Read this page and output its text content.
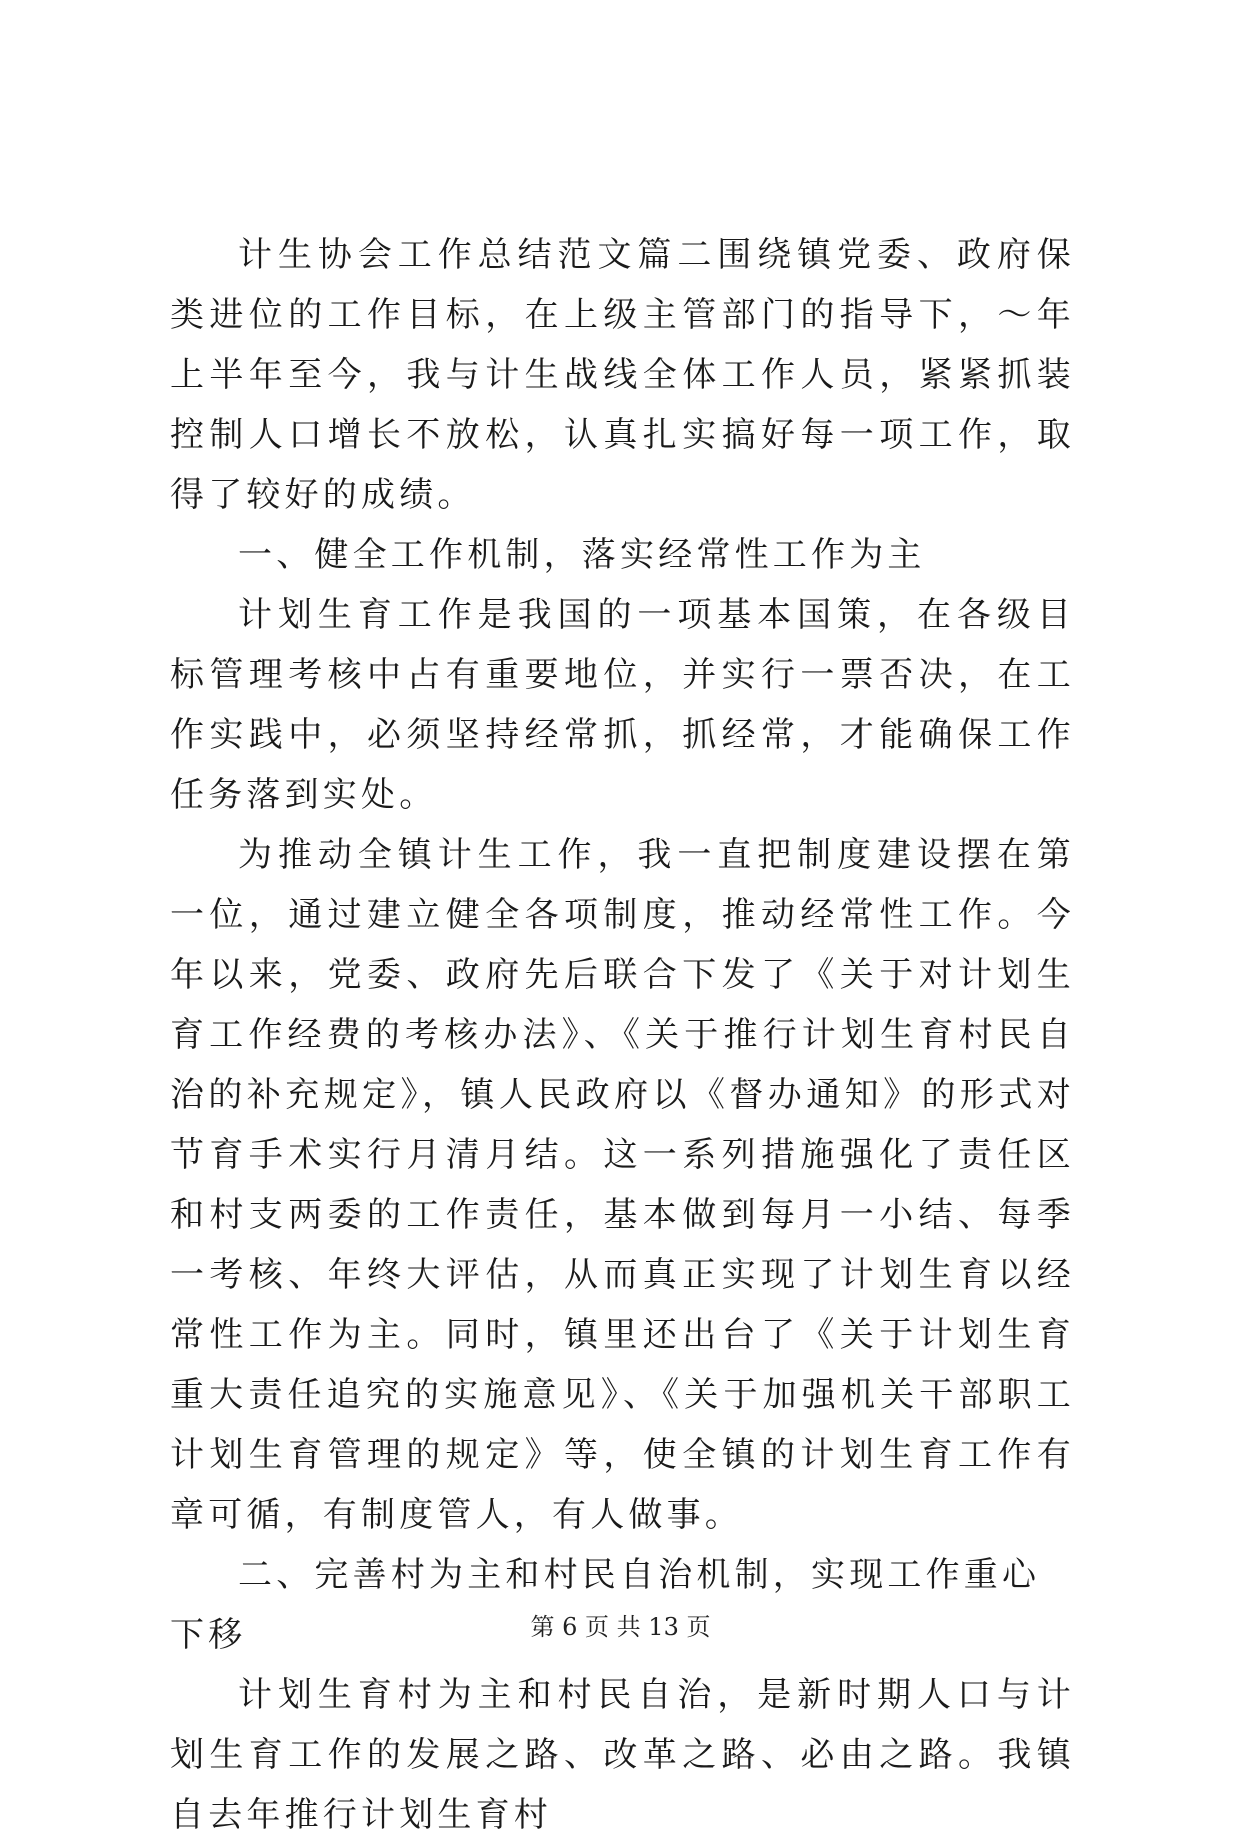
计生协会工作总结范文篇二围绕镇党委、政府保类进位的工作目标，在上级主管部门的指导下，～年上半年至今，我与计生战线全体工作人员，紧紧抓装控制人口增长不放松，认真扎实搞好每一项工作，取得了较好的成绩。

一、健全工作机制，落实经常性工作为主

计划生育工作是我国的一项基本国策，在各级目标管理考核中占有重要地位，并实行一票否决，在工作实践中，必须坚持经常抓，抓经常，才能确保工作任务落到实处。

为推动全镇计生工作，我一直把制度建设摆在第一位，通过建立健全各项制度，推动经常性工作。今年以来，党委、政府先后联合下发了《关于对计划生育工作经费的考核办法》、《关于推行计划生育村民自治的补充规定》，镇人民政府以《督办通知》的形式对节育手术实行月清月结。这一系列措施强化了责任区和村支两委的工作责任，基本做到每月一小结、每季一考核、年终大评估，从而真正实现了计划生育以经常性工作为主。同时，镇里还出台了《关于计划生育重大责任追究的实施意见》、《关于加强机关干部职工计划生育管理的规定》等，使全镇的计划生育工作有章可循，有制度管人，有人做事。

二、完善村为主和村民自治机制，实现工作重心下移

计划生育村为主和村民自治，是新时期人口与计划生育工作的发展之路、改革之路、必由之路。我镇自去年推行计划生育村

第 6 页 共 13 页
